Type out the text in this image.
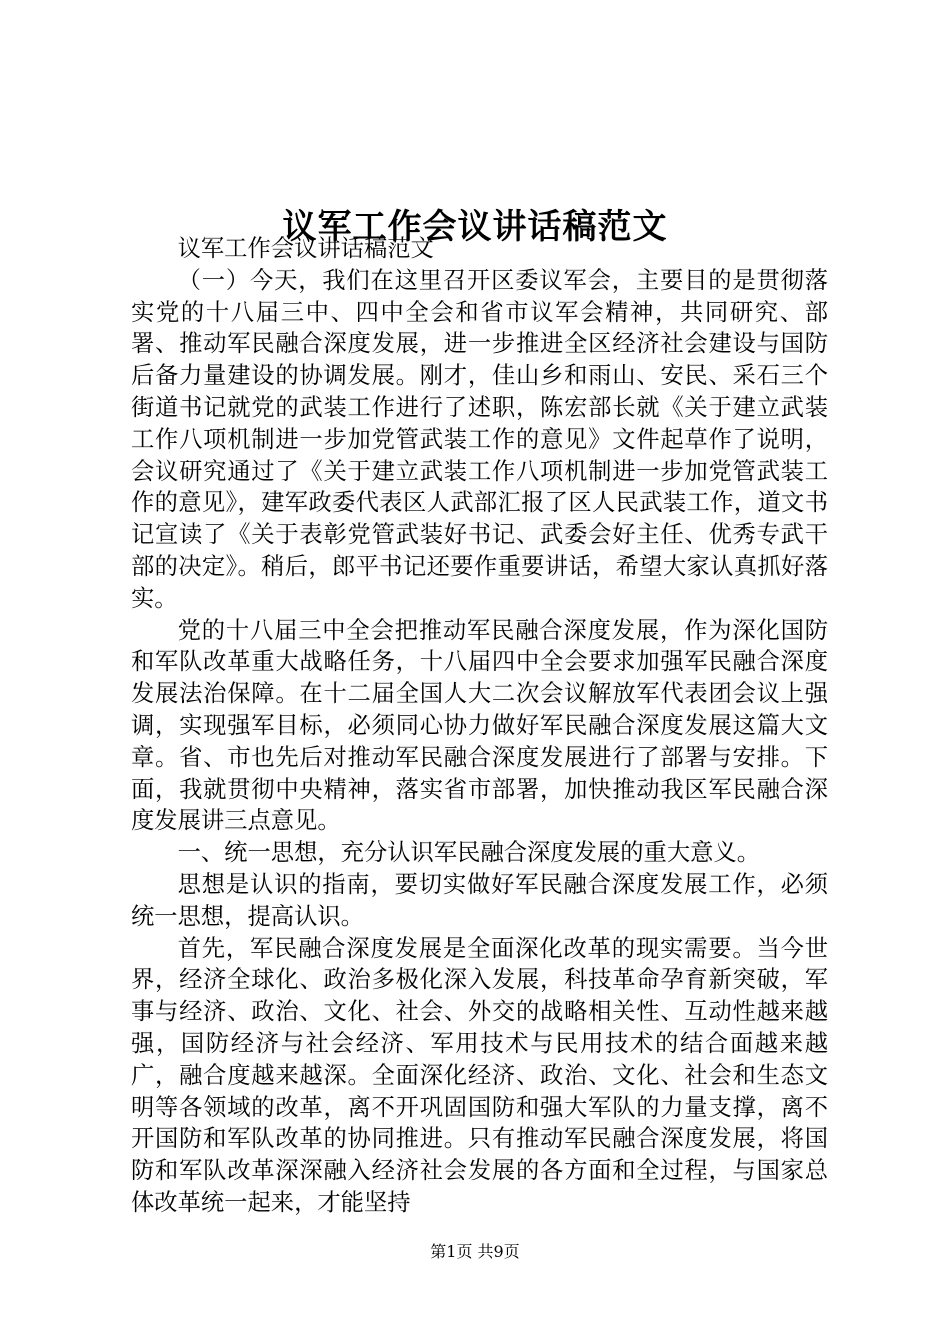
议军工作会议讲话稿范文

议军工作会议讲话稿范文

（一）今天，我们在这里召开区委议军会，主要目的是贯彻落实党的十八届三中、四中全会和省市议军会精神，共同研究、部署、推动军民融合深度发展，进一步推进全区经济社会建设与国防后备力量建设的协调发展。刚才，佳山乡和雨山、安民、采石三个街道书记就党的武装工作进行了述职，陈宏部长就《关于建立武装工作八项机制进一步加党管武装工作的意见》文件起草作了说明，会议研究通过了《关于建立武装工作八项机制进一步加党管武装工作的意见》，建军政委代表区人武部汇报了区人民武装工作，道文书记宣读了《关于表彰党管武装好书记、武委会好主任、优秀专武干部的决定》。稍后，郎平书记还要作重要讲话，希望大家认真抓好落实。

党的十八届三中全会把推动军民融合深度发展，作为深化国防和军队改革重大战略任务，十八届四中全会要求加强军民融合深度发展法治保障。在十二届全国人大二次会议解放军代表团会议上强调，实现强军目标，必须同心协力做好军民融合深度发展这篇大文章。省、市也先后对推动军民融合深度发展进行了部署与安排。下面，我就贯彻中央精神，落实省市部署，加快推动我区军民融合深度发展讲三点意见。

一、统一思想，充分认识军民融合深度发展的重大意义。

思想是认识的指南，要切实做好军民融合深度发展工作，必须统一思想，提高认识。

首先，军民融合深度发展是全面深化改革的现实需要。当今世界，经济全球化、政治多极化深入发展，科技革命孕育新突破，军事与经济、政治、文化、社会、外交的战略相关性、互动性越来越强，国防经济与社会经济、军用技术与民用技术的结合面越来越广，融合度越来越深。全面深化经济、政治、文化、社会和生态文明等各领域的改革，离不开巩固国防和强大军队的力量支撑，离不开国防和军队改革的协同推进。只有推动军民融合深度发展，将国防和军队改革深深融入经济社会发展的各方面和全过程，与国家总体改革统一起来，才能坚持

第1页 共9页
